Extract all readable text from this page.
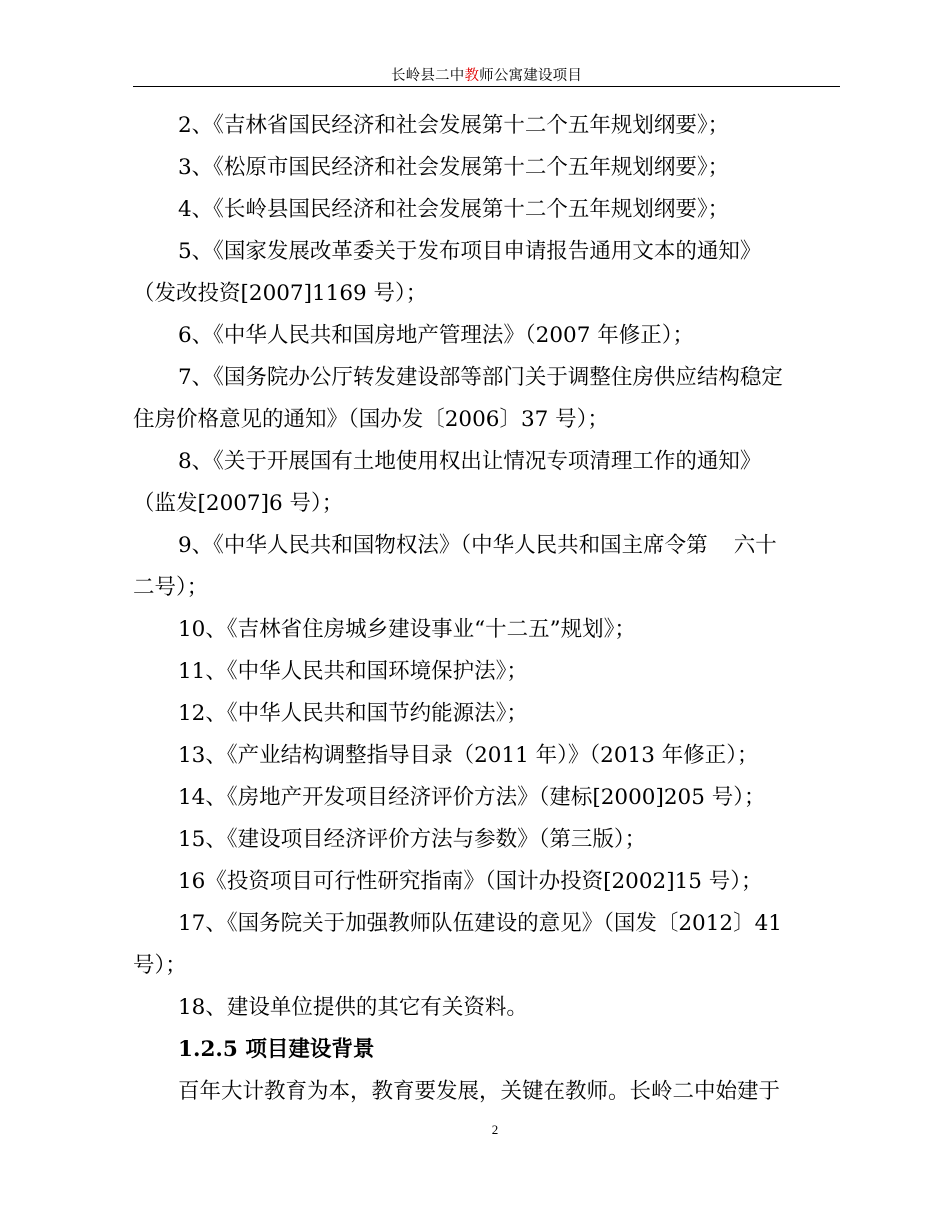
长岭县二中教师公寓建设项目
2、《吉林省国民经济和社会发展第十二个五年规划纲要》；
3、《松原市国民经济和社会发展第十二个五年规划纲要》；
4、《长岭县国民经济和社会发展第十二个五年规划纲要》；
5、《国家发展改革委关于发布项目申请报告通用文本的通知》
（发改投资[2007]1169 号）；
6、《中华人民共和国房地产管理法》（2007 年修正）；
7、《国务院办公厅转发建设部等部门关于调整住房供应结构稳定
住房价格意见的通知》（国办发〔2006〕37 号）；
8、《关于开展国有土地使用权出让情况专项清理工作的通知》
（监发[2007]6 号）；
9、《中华人民共和国物权法》（中华人民共和国主席令第 六十
二号）；
10、《吉林省住房城乡建设事业“十二五”规划》；
11、《中华人民共和国环境保护法》；
12、《中华人民共和国节约能源法》；
13、《产业结构调整指导目录（2011 年）》（2013 年修正）；
14、《房地产开发项目经济评价方法》（建标[2000]205 号）；
15、《建设项目经济评价方法与参数》（第三版）；
16《投资项目可行性研究指南》（国计办投资[2002]15 号）；
17、《国务院关于加强教师队伍建设的意见》（国发〔2012〕41
号）；
18、建设单位提供的其它有关资料。
1.2.5 项目建设背景
百年大计教育为本，教育要发展，关键在教师。长岭二中始建于
2
